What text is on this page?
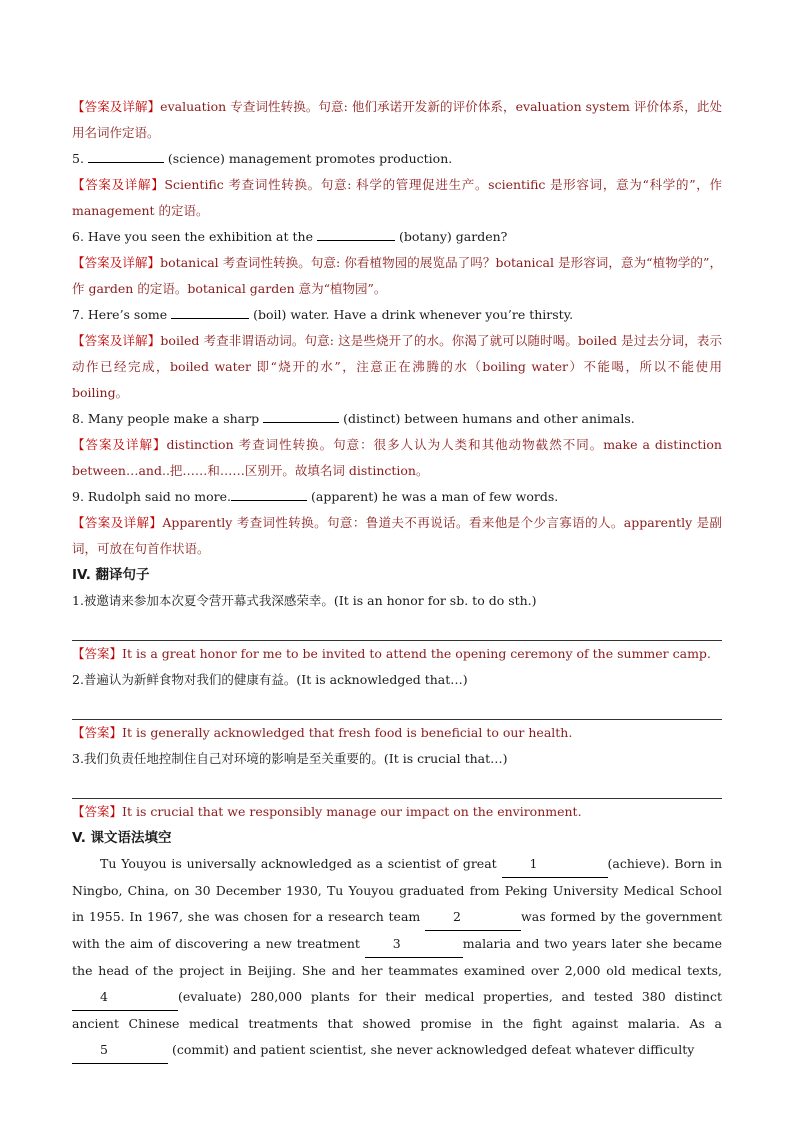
【答案及详解】evaluation 专查词性转换。句意: 他们承诺开发新的评价体系，evaluation system 评价体系，此处用名词作定语。

5.	(science) management promotes production.

【答案及详解】Scientific 考查词性转换。句意: 科学的管理促进生产。scientific 是形容词，意为“科学的”，作 management 的定语。

6. Have you seen the exhibition at the	(botany) garden?

【答案及详解】botanical 考查词性转换。句意: 你看植物园的展览品了吗？botanical 是形容词，意为“植物学的”，作 garden 的定语。botanical garden 意为“植物园”。

7. Here’s some	(boil) water. Have a drink whenever you’re thirsty.

【答案及详解】boiled 考查非谓语动词。句意: 这是些烧开了的水。你渴了就可以随时喝。boiled 是过去分词，表示动作已经完成，boiled water 即“烧开的水”，注意正在沸腾的水（boiling water）不能喝，所以不能使用 boiling。

8. Many people make a sharp	(distinct) between humans and other animals.

【答案及详解】distinction 考查词性转换。句意：很多人认为人类和其他动物截然不同。make a distinction between…and..把……和……区别开。故填名词 distinction。

9. Rudolph said no more.	(apparent) he was a man of few words.

【答案及详解】Apparently 考查词性转换。句意：鲁道夫不再说话。看来他是个少言寡语的人。apparently 是副词，可放在句首作状语。

IV. 翻译句子

1.被邀请来参加本次夏令营开幕式我深感荣幸。(It is an honor for sb. to do sth.)

【答案】It is a great honor for me to be invited to attend the opening ceremony of the summer camp.

2.普遍认为新鲜食物对我们的健康有益。(It is acknowledged that…)

【答案】It is generally acknowledged that fresh food is beneficial to our health.

3.我们负责任地控制住自己对环境的影响是至关重要的。(It is crucial that…)

【答案】It is crucial that we responsibly manage our impact on the environment.

V. 课文语法填空

Tu Youyou is universally acknowledged as a scientist of great 1	(achieve). Born in Ningbo, China, on 30 December 1930, Tu Youyou graduated from Peking University Medical School in 1955. In 1967, she was chosen for a research team 2	was formed by the government with the aim of discovering a new treatment 3	malaria and two years later she became the head of the project in Beijing. She and her teammates examined over 2,000 old medical texts, 4	(evaluate) 280,000 plants for their medical properties, and tested 380 distinct ancient Chinese medical treatments that showed promise in the fight against malaria. As a 5	(commit) and patient scientist, she never acknowledged defeat whatever difficulty
